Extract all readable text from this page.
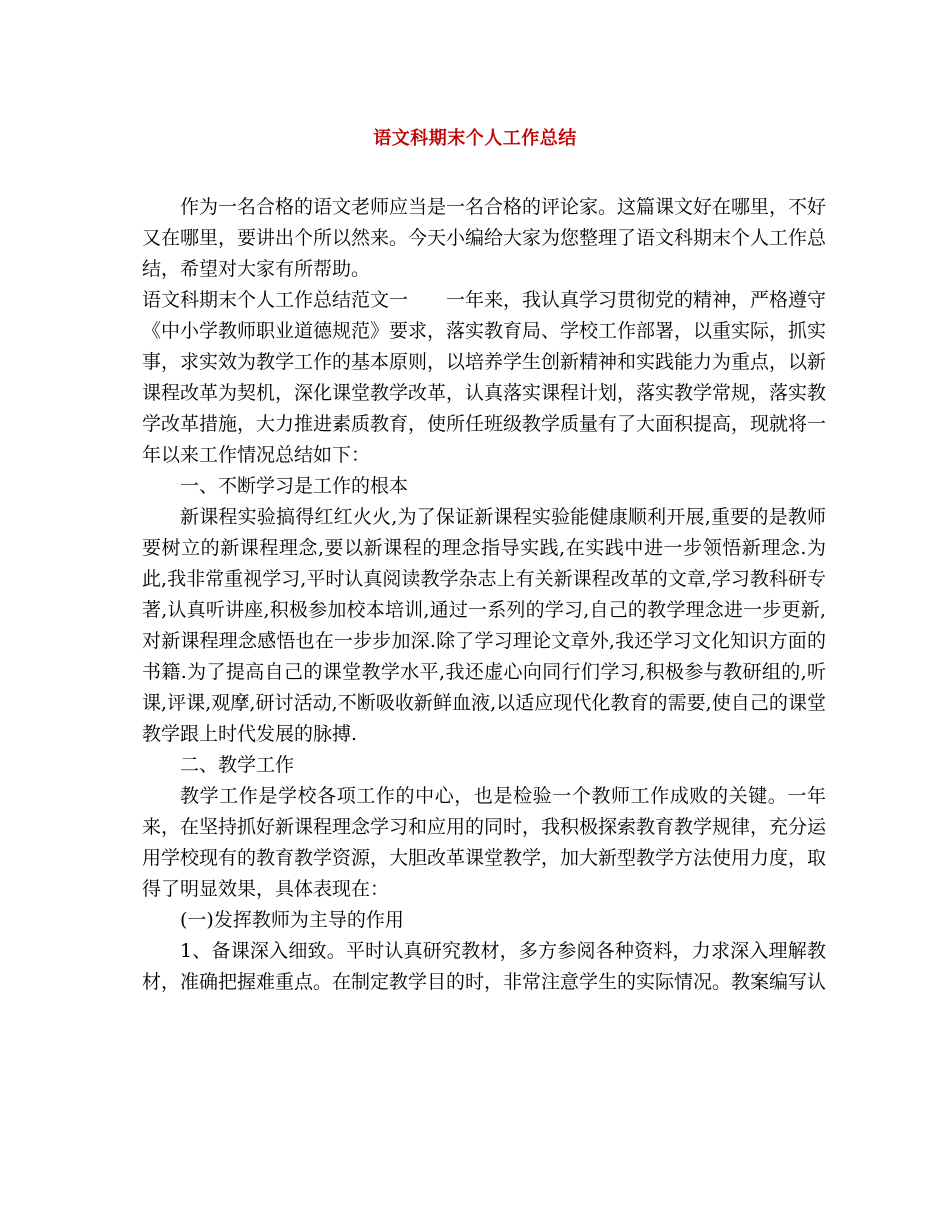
语文科期末个人工作总结

作为一名合格的语文老师应当是一名合格的评论家。这篇课文好在哪里，不好又在哪里，要讲出个所以然来。今天小编给大家为您整理了语文科期末个人工作总结，希望对大家有所帮助。

语文科期末个人工作总结范文一　　一年来，我认真学习贯彻党的精神，严格遵守《中小学教师职业道德规范》要求，落实教育局、学校工作部署，以重实际，抓实事，求实效为教学工作的基本原则，以培养学生创新精神和实践能力为重点，以新课程改革为契机，深化课堂教学改革，认真落实课程计划，落实教学常规，落实教学改革措施，大力推进素质教育，使所任班级教学质量有了大面积提高，现就将一年以来工作情况总结如下：

一、不断学习是工作的根本

新课程实验搞得红红火火,为了保证新课程实验能健康顺利开展,重要的是教师要树立的新课程理念,要以新课程的理念指导实践,在实践中进一步领悟新理念.为此,我非常重视学习,平时认真阅读教学杂志上有关新课程改革的文章,学习教科研专著,认真听讲座,积极参加校本培训,通过一系列的学习,自己的教学理念进一步更新,对新课程理念感悟也在一步步加深.除了学习理论文章外,我还学习文化知识方面的书籍.为了提高自己的课堂教学水平,我还虚心向同行们学习,积极参与教研组的,听课,评课,观摩,研讨活动,不断吸收新鲜血液,以适应现代化教育的需要,使自己的课堂教学跟上时代发展的脉搏.

二、教学工作

教学工作是学校各项工作的中心，也是检验一个教师工作成败的关键。一年来，在坚持抓好新课程理念学习和应用的同时，我积极探索教育教学规律，充分运用学校现有的教育教学资源，大胆改革课堂教学，加大新型教学方法使用力度，取得了明显效果，具体表现在：

(一)发挥教师为主导的作用

1、备课深入细致。平时认真研究教材，多方参阅各种资料，力求深入理解教材，准确把握难重点。在制定教学目的时，非常注意学生的实际情况。教案编写认
